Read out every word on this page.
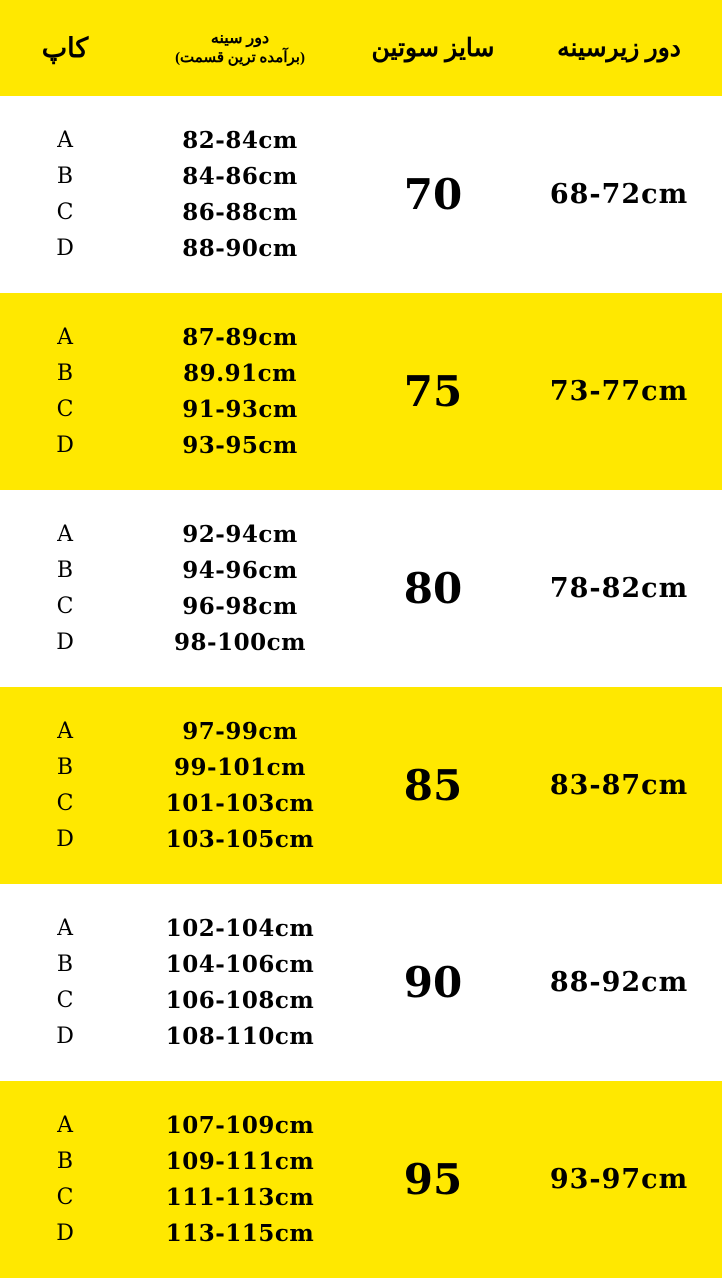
دور زیرسینه
سایز سوتین
دور سینه
(برآمده ترین قسمت)
کاپ
68-72cm
70
82-84cm
84-86cm
86-88cm
88-90cm
A
B
C
D
73-77cm
75
87-89cm
89.91cm
91-93cm
93-95cm
A
B
C
D
78-82cm
80
92-94cm
94-96cm
96-98cm
98-100cm
A
B
C
D
83-87cm
85
97-99cm
99-101cm
101-103cm
103-105cm
A
B
C
D
88-92cm
90
102-104cm
104-106cm
106-108cm
108-110cm
A
B
C
D
93-97cm
95
107-109cm
109-111cm
111-113cm
113-115cm
A
B
C
D
